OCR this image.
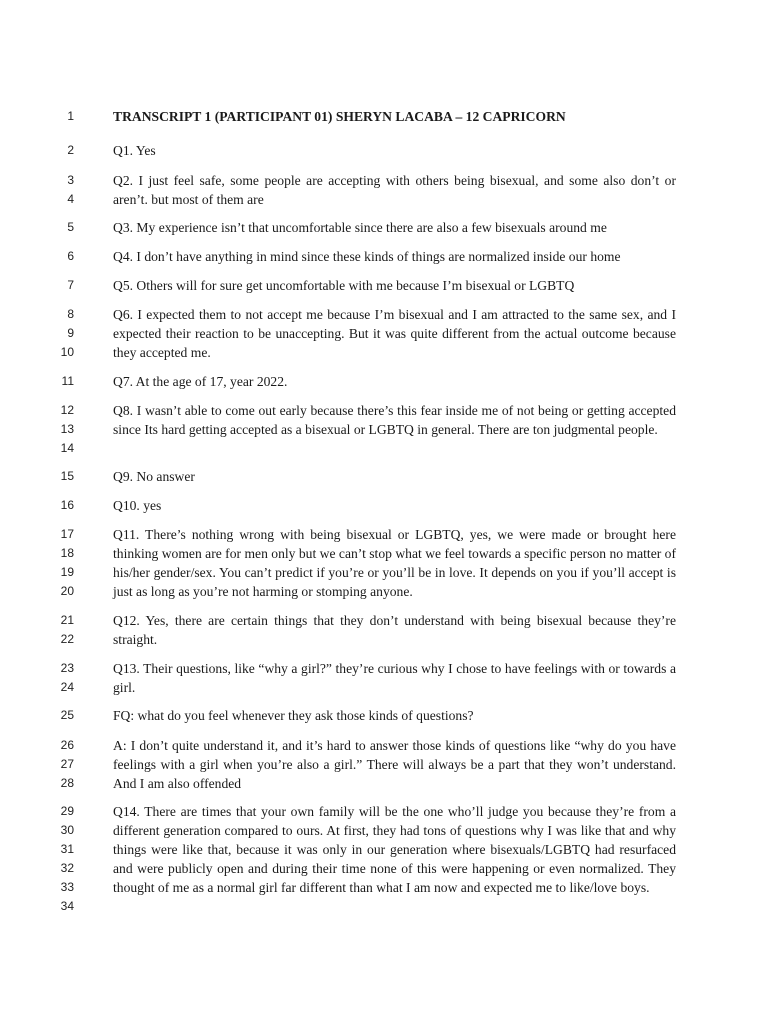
1	TRANSCRIPT 1 (PARTICIPANT 01) SHERYN LACABA – 12 CAPRICORN

2	Q1. Yes

3
4

Q2. I just feel safe, some people are accepting with others being bisexual, and some also don’t or aren’t. but most of them are

5	Q3. My experience isn’t that uncomfortable since there are also a few bisexuals around me

6	Q4. I don’t have anything in mind since these kinds of things are normalized inside our home

7	Q5. Others will for sure get uncomfortable with me because I’m bisexual or LGBTQ

8
9
10

Q6. I expected them to not accept me because I’m bisexual and I am attracted to the same sex, and I expected their reaction to be unaccepting. But it was quite different from the actual outcome because they accepted me.

11	Q7. At the age of 17, year 2022.

12
13
14

Q8. I wasn’t able to come out early because there’s this fear inside me of not being or getting accepted since Its hard getting accepted as a bisexual or LGBTQ in general. There are ton judgmental people.

15	Q9. No answer

16	Q10. yes

17
18
19
20

Q11. There’s nothing wrong with being bisexual or LGBTQ, yes, we were made or brought here thinking women are for men only but we can’t stop what we feel towards a specific person no matter of his/her gender/sex. You can’t predict if you’re or you’ll be in love. It depends on you if you’ll accept is just as long as you’re not harming or stomping anyone.

21
22

Q12. Yes, there are certain things that they don’t understand with being bisexual because they’re straight.

23
24

Q13. Their questions, like “why a girl?” they’re curious why I chose to have feelings with or towards a girl.

25	FQ: what do you feel whenever they ask those kinds of questions?

26
27
28

A: I don’t quite understand it, and it’s hard to answer those kinds of questions like “why do you have feelings with a girl when you’re also a girl.” There will always be a part that they won’t understand. And I am also offended

29
30
31
32
33
34

Q14. There are times that your own family will be the one who’ll judge you because they’re from a different generation compared to ours. At first, they had tons of questions why I was like that and why things were like that, because it was only in our generation where bisexuals/LGBTQ had resurfaced and were publicly open and during their time none of this were happening or even normalized. They thought of me as a normal girl far different than what I am now and expected me to like/love boys.
